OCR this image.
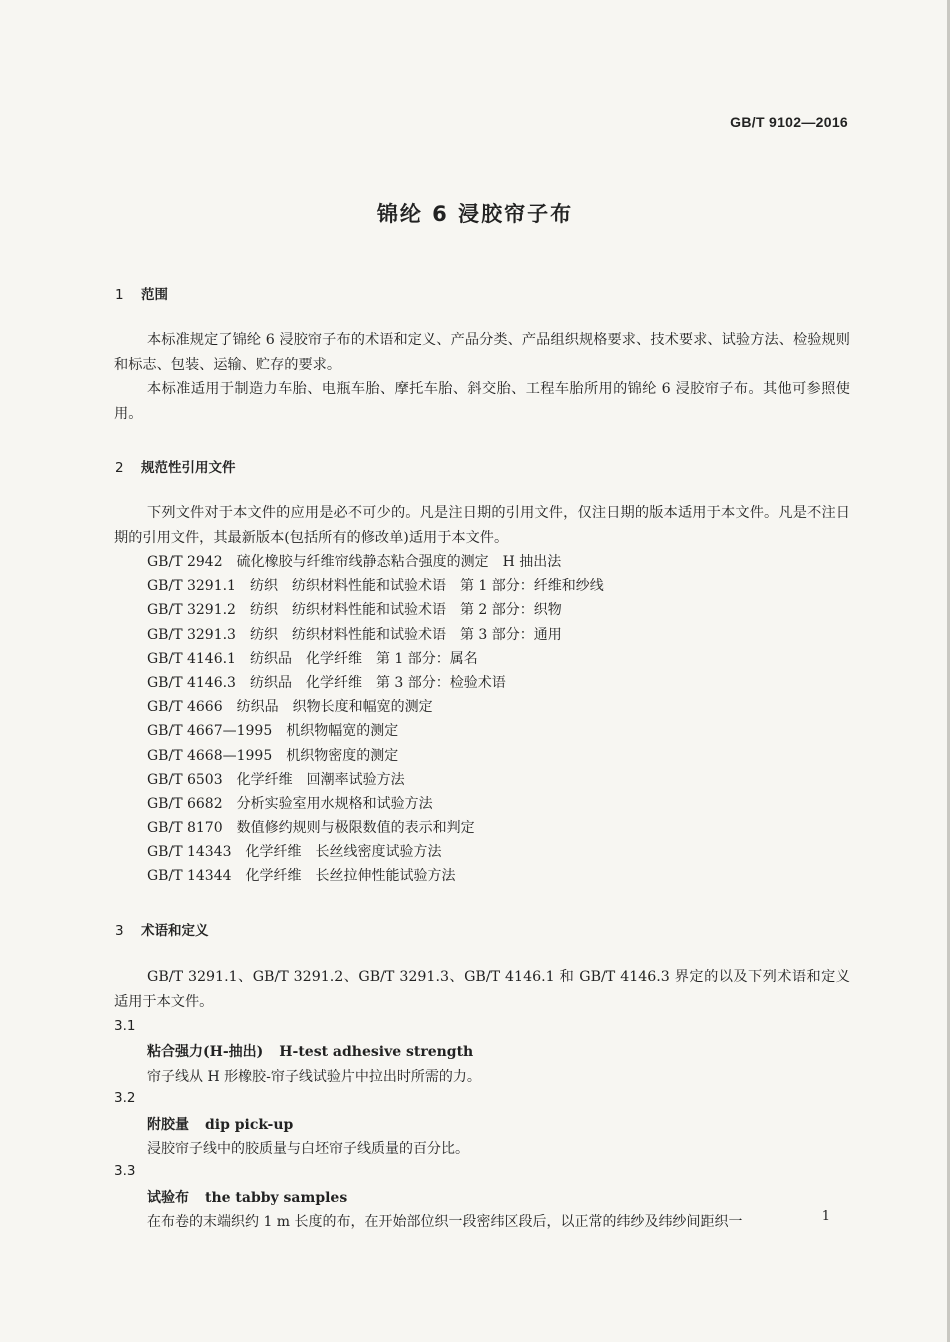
GB/T 9102—2016
锦纶 6 浸胶帘子布
1 范围
本标准规定了锦纶 6 浸胶帘子布的术语和定义、产品分类、产品组织规格要求、技术要求、试验方法、检验规则和标志、包装、运输、贮存的要求。
本标准适用于制造力车胎、电瓶车胎、摩托车胎、斜交胎、工程车胎所用的锦纶 6 浸胶帘子布。其他可参照使用。
2 规范性引用文件
下列文件对于本文件的应用是必不可少的。凡是注日期的引用文件，仅注日期的版本适用于本文件。凡是不注日期的引用文件，其最新版本(包括所有的修改单)适用于本文件。
GB/T 2942 硫化橡胶与纤维帘线静态粘合强度的测定　H 抽出法
GB/T 3291.1 纺织　纺织材料性能和试验术语　第 1 部分：纤维和纱线
GB/T 3291.2 纺织　纺织材料性能和试验术语　第 2 部分：织物
GB/T 3291.3 纺织　纺织材料性能和试验术语　第 3 部分：通用
GB/T 4146.1 纺织品　化学纤维　第 1 部分：属名
GB/T 4146.3 纺织品　化学纤维　第 3 部分：检验术语
GB/T 4666 纺织品　织物长度和幅宽的测定
GB/T 4667—1995 机织物幅宽的测定
GB/T 4668—1995 机织物密度的测定
GB/T 6503 化学纤维　回潮率试验方法
GB/T 6682 分析实验室用水规格和试验方法
GB/T 8170 数值修约规则与极限数值的表示和判定
GB/T 14343 化学纤维　长丝线密度试验方法
GB/T 14344 化学纤维　长丝拉伸性能试验方法
3 术语和定义
GB/T 3291.1、GB/T 3291.2、GB/T 3291.3、GB/T 4146.1 和 GB/T 4146.3 界定的以及下列术语和定义适用于本文件。
3.1
粘合强力(H-抽出) H-test adhesive strength
帘子线从 H 形橡胶-帘子线试验片中拉出时所需的力。
3.2
附胶量 dip pick-up
浸胶帘子线中的胶质量与白坯帘子线质量的百分比。
3.3
试验布 the tabby samples
在布卷的末端织约 1 m 长度的布，在开始部位织一段密纬区段后，以正常的纬纱及纬纱间距织一	1
